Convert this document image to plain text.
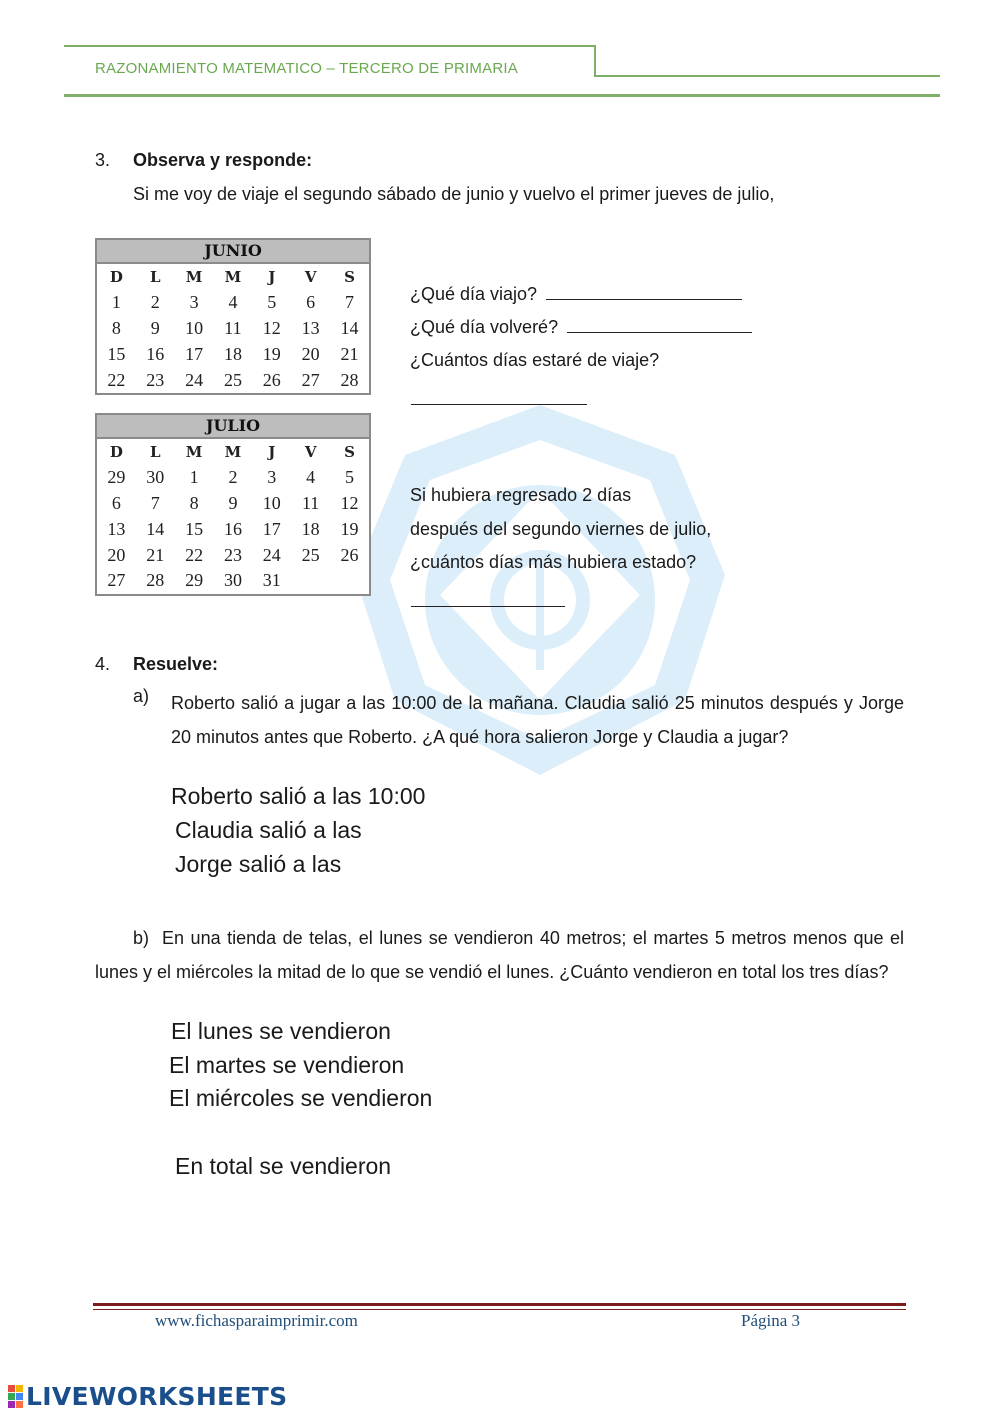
RAZONAMIENTO MATEMATICO – TERCERO DE PRIMARIA
3. Observa y responde:
Si me voy de viaje el segundo sábado de junio y vuelvo el primer jueves de julio,
JUNIO
D	L	M	M	J	V	S
1	2	3	4	5	6	7
8	9	10	11	12	13	14
15	16	17	18	19	20	21
22	23	24	25	26	27	28
JULIO
D	L	M	M	J	V	S
29	30	1	2	3	4	5
6	7	8	9	10	11	12
13	14	15	16	17	18	19
20	21	22	23	24	25	26
27	28	29	30	31		
¿Qué día viajo?
¿Qué día volveré?
¿Cuántos días estaré de viaje?
Si hubiera regresado 2 días
después del segundo viernes de julio,
¿cuántos días más hubiera estado?
4. Resuelve:
a) Roberto salió a jugar a las 10:00 de la mañana. Claudia salió 25 minutos después y Jorge 20 minutos antes que Roberto. ¿A qué hora salieron Jorge y Claudia a jugar?
Roberto salió a las 10:00
Claudia salió a las
Jorge salió a las
b) En una tienda de telas, el lunes se vendieron 40 metros; el martes 5 metros menos que el lunes y el miércoles la mitad de lo que se vendió el lunes. ¿Cuánto vendieron en total los tres días?
El lunes se vendieron
El martes se vendieron
El miércoles se vendieron
En total se vendieron
www.fichasparaimprimir.com	Página 3
LIVEWORKSHEETS
